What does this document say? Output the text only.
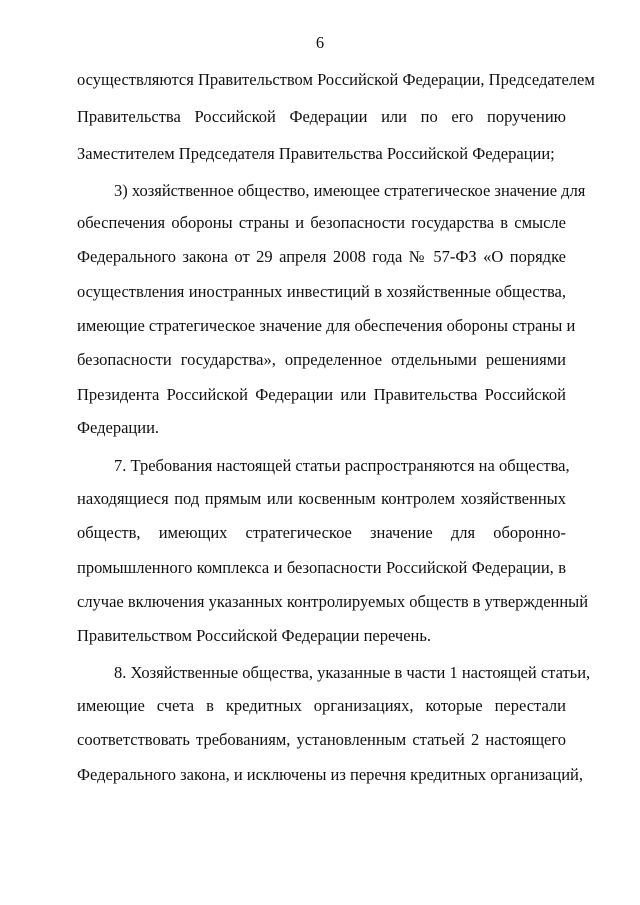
6
осуществляются Правительством Российской Федерации, Председателем
Правительства Российской Федерации или по его поручению
Заместителем Председателя Правительства Российской Федерации;
3) хозяйственное общество, имеющее стратегическое значение для
обеспечения обороны страны и безопасности государства в смысле
Федерального закона от 29 апреля 2008 года № 57-ФЗ «О порядке
осуществления иностранных инвестиций в хозяйственные общества,
имеющие стратегическое значение для обеспечения обороны страны и
безопасности государства», определенное отдельными решениями
Президента Российской Федерации или Правительства Российской
Федерации.
7. Требования настоящей статьи распространяются на общества,
находящиеся под прямым или косвенным контролем хозяйственных
обществ, имеющих стратегическое значение для оборонно-
промышленного комплекса и безопасности Российской Федерации, в
случае включения указанных контролируемых обществ в утвержденный
Правительством Российской Федерации перечень.
8. Хозяйственные общества, указанные в части 1 настоящей статьи,
имеющие счета в кредитных организациях, которые перестали
соответствовать требованиям, установленным статьей 2 настоящего
Федерального закона, и исключены из перечня кредитных организаций,
